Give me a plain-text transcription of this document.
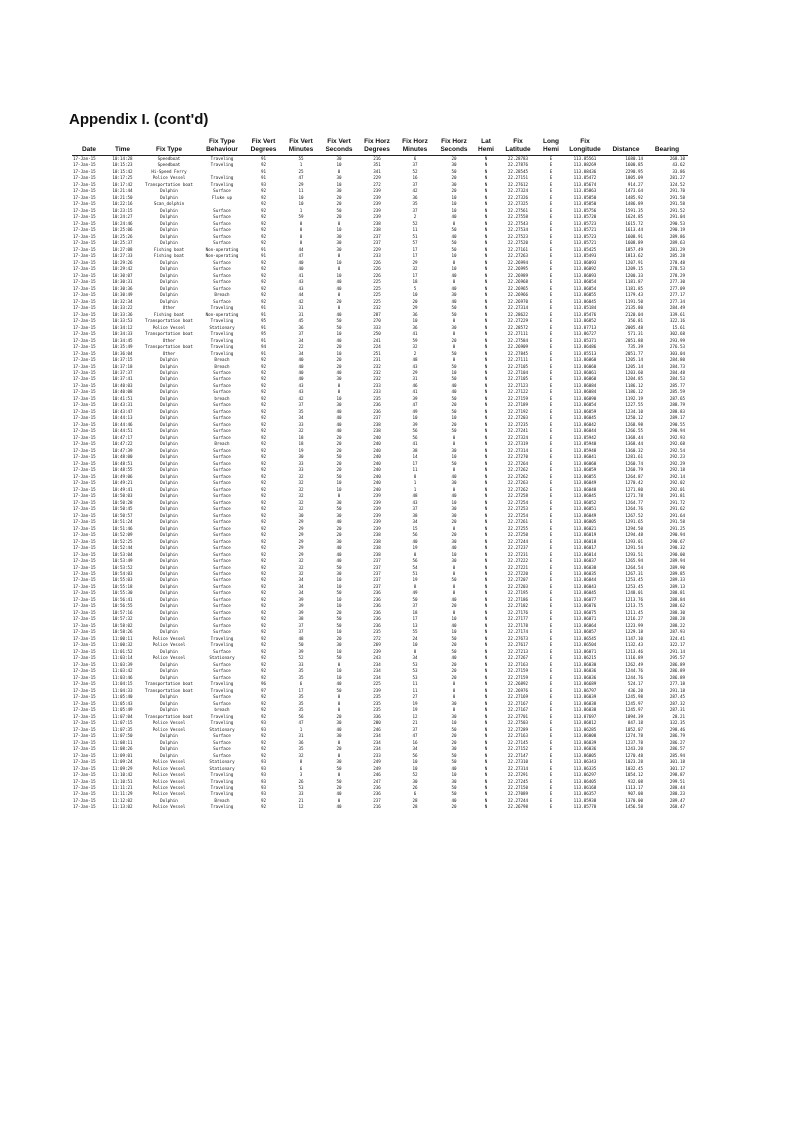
Appendix I. (cont'd)
			Fix Type	Fix Vert	Fix Vert	Fix Vert	Fix Horz	Fix Horz	Fix Horz	Lat	Fix	Long	Fix		
Date	Time	Fix Type	Behaviour	Degrees	Minutes	Seconds	Degrees	Minutes	Seconds	Hemi	Latitude	Hemi	Longitude	Distance	Bearing
17-Jan-15	10:14:28	Speedboat	Traveling	91	55	30	216	6	20	N	22.28783	E	113.85561	1680.14	268.10
17-Jan-15	10:15:23	Speedboat	Traveling	92	1	10	351	37	30	N	22.27876	E	113.88269	1600.85	43.62
17-Jan-15	10:15:42	Hi-Speed Ferry		91	25	0	341	52	50	N	22.28545	E	113.88436	2290.95	33.86
17-Jan-15	10:17:25	Police Vessel	Traveling	91	47	30	229	16	20	N	22.27151	E	113.85472	1805.09	281.27
17-Jan-15	10:17:42	Transportation boat	Traveling	93	29	10	272	37	30	N	22.27612	E	113.85674	914.27	324.52
17-Jan-15	10:21:44	Dolphin	Surface	92	11	30	239	42	20	N	22.27324	E	113.85863	1473.64	291.70
17-Jan-15	10:21:50	Dolphin	Fluke up	92	10	20	239	36	10	N	22.27326	E	113.85850	1485.92	291.58
17-Jan-15	10:22:16	Scan_dolphin		92	10	20	239	35	10	N	22.27325	E	113.85850	1486.89	291.58
17-Jan-15	10:23:15	Dolphin	Surface	92	1	50	239	37	10	N	22.27561	E	113.85756	1591.35	291.52
17-Jan-15	10:24:27	Dolphin	Surface	92	59	20	239	2	40	N	22.27558	E	113.85720	1624.85	291.04
17-Jan-15	10:24:46	Dolphin	Surface	92	0	0	238	52	0	N	22.27543	E	113.85723	1615.72	290.53
17-Jan-15	10:25:06	Dolphin	Surface	92	0	10	238	11	50	N	22.27534	E	113.85721	1613.44	290.19
17-Jan-15	10:25:26	Dolphin	Surface	92	0	30	237	51	40	N	22.27523	E	113.85723	1608.91	289.86
17-Jan-15	10:25:37	Dolphin	Surface	92	0	30	237	57	50	N	22.27520	E	113.85721	1608.89	289.63
17-Jan-15	10:27:08	Fishing boat	Non-operating	91	44	30	229	17	50	N	22.27161	E	113.85425	1857.49	281.29
17-Jan-15	10:27:33	Fishing boat	Non-operating	91	47	0	233	17	10	N	22.27263	E	113.85493	1813.62	285.28
17-Jan-15	10:29:26	Dolphin	Surface	92	40	10	226	29	0	N	22.26994	E	113.86093	1207.91	278.48
17-Jan-15	10:29:42	Dolphin	Surface	92	40	0	226	32	10	N	22.26995	E	113.86092	1209.15	278.53
17-Jan-15	10:30:07	Dolphin	Surface	92	41	10	226	17	40	N	22.26989	E	113.86093	1200.33	278.29
17-Jan-15	10:30:31	Dolphin	Surface	92	43	40	225	18	0	N	22.26968	E	113.86054	1181.87	277.30
17-Jan-15	10:30:36	Dolphin	Surface	92	43	40	225	5	40	N	22.26965	E	113.86054	1181.85	277.09
17-Jan-15	10:30:49	Dolphin	Breach	92	44	0	225	10	30	N	22.26966	E	113.86055	1179.43	277.17
17-Jan-15	10:32:34	Dolphin	Surface	92	42	20	225	20	40	N	22.26970	E	113.86045	1191.50	277.34
17-Jan-15	10:33:22	Other	Traveling	91	31	0	232	29	50	N	22.27314	E	113.85184	2135.80	284.49
17-Jan-15	10:33:36	Fishing boat	Non-operating	91	31	40	287	36	50	N	22.28622	E	113.85476	2120.04	339.61
17-Jan-15	10:33:53	Transportation boat	Traveling	95	45	50	270	10	0	N	22.27229	E	113.86852	356.81	322.16
17-Jan-15	10:34:12	Police Vessel	Stationary	91	36	50	333	36	30	N	22.28572	E	113.87713	2005.48	15.61
17-Jan-15	10:34:33	Transportation boat	Traveling	95	37	10	250	41	0	N	22.27111	E	113.86727	571.31	302.68
17-Jan-15	10:34:45	Other	Traveling	91	34	40	241	59	20	N	22.27584	E	113.85371	2051.88	293.99
17-Jan-15	10:35:49	Transportation boat	Traveling	94	22	20	224	32	0	N	22.26909	E	113.86486	735.39	276.53
17-Jan-15	10:36:04	Other	Traveling	91	34	10	251	2	50	N	22.27845	E	113.85513	2051.77	303.04
17-Jan-15	10:37:15	Dolphin	Breach	92	40	20	231	48	0	N	22.27111	E	113.86060	1205.14	284.80
17-Jan-15	10:37:18	Dolphin	Breach	92	40	20	232	43	50	N	22.27105	E	113.86060	1205.14	284.73
17-Jan-15	10:37:37	Dolphin	Surface	92	40	40	232	29	10	N	22.27104	E	113.86061	1203.60	284.48
17-Jan-15	10:37:41	Dolphin	Surface	92	40	30	232	31	50	N	22.27105	E	113.86060	1204.85	284.53
17-Jan-15	10:40:03	Dolphin	Surface	92	43	0	233	46	40	N	22.27123	E	113.86084	1186.12	285.77
17-Jan-15	10:40:08	Dolphin	Surface	92	43	0	233	41	40	N	22.27122	E	113.86084	1186.12	285.59
17-Jan-15	10:41:51	Dolphin	breach	92	42	10	235	39	50	N	22.27159	E	113.86090	1192.19	287.65
17-Jan-15	10:43:31	Dolphin	Surface	92	37	30	236	47	20	N	22.27189	E	113.86054	1227.55	288.79
17-Jan-15	10:43:47	Dolphin	Surface	92	35	40	236	49	50	N	22.27192	E	113.86059	1234.10	288.83
17-Jan-15	10:44:13	Dolphin	Surface	92	34	40	237	10	10	N	22.27203	E	113.86045	1250.12	289.17
17-Jan-15	10:44:46	Dolphin	Surface	92	33	40	238	39	20	N	22.27235	E	113.86042	1268.98	290.55
17-Jan-15	10:44:51	Dolphin	Surface	92	32	40	238	56	50	N	22.27241	E	113.86044	1266.55	290.94
17-Jan-15	10:47:17	Dolphin	Surface	92	18	20	240	56	0	N	22.27324	E	113.85942	1368.44	292.93
17-Jan-15	10:47:22	Dolphin	Breach	92	18	20	240	41	0	N	22.27319	E	113.85940	1368.44	292.68
17-Jan-15	10:47:39	Dolphin	Surface	92	19	20	240	38	30	N	22.27314	E	113.85948	1360.32	292.54
17-Jan-15	10:48:00	Dolphin	Surface	92	30	50	240	14	10	N	22.27270	E	113.86041	1281.61	292.23
17-Jan-15	10:48:51	Dolphin	Surface	92	33	20	240	17	50	N	22.27264	E	113.86060	1260.74	292.29
17-Jan-15	10:48:55	Dolphin	Surface	92	33	20	240	11	0	N	22.27262	E	113.86059	1260.79	292.18
17-Jan-15	10:49:06	Dolphin	Surface	92	32	50	240	8	40	N	22.27262	E	113.86055	1264.87	292.14
17-Jan-15	10:49:21	Dolphin	Surface	92	32	10	240	1	30	N	22.27263	E	113.86049	1270.42	292.02
17-Jan-15	10:49:41	Dolphin	Surface	92	32	10	240	1	0	N	22.27262	E	113.86048	1271.80	292.01
17-Jan-15	10:50:03	Dolphin	Surface	92	32	0	239	48	40	N	22.27258	E	113.86045	1271.78	291.81
17-Jan-15	10:50:28	Dolphin	Surface	92	32	30	239	43	10	N	22.27254	E	113.86052	1264.77	291.72
17-Jan-15	10:50:45	Dolphin	Surface	92	32	50	239	37	30	N	22.27253	E	113.86051	1264.76	291.62
17-Jan-15	10:50:57	Dolphin	Surface	92	30	30	239	38	30	N	22.27254	E	113.86049	1267.52	291.64
17-Jan-15	10:51:24	Dolphin	Surface	92	29	40	239	34	20	N	22.27261	E	113.86005	1291.65	291.58
17-Jan-15	10:51:46	Dolphin	Surface	92	29	20	239	15	0	N	22.27255	E	113.86021	1294.50	291.25
17-Jan-15	10:52:09	Dolphin	Surface	92	29	20	238	56	20	N	22.27250	E	113.86019	1294.48	290.94
17-Jan-15	10:52:25	Dolphin	Surface	92	29	30	238	40	30	N	22.27244	E	113.86018	1293.01	290.67
17-Jan-15	10:52:44	Dolphin	Surface	92	29	40	238	19	40	N	22.27237	E	113.86017	1291.54	290.32
17-Jan-15	10:53:04	Dolphin	Surface	92	29	40	238	0	10	N	22.27231	E	113.86014	1293.51	290.00
17-Jan-15	10:53:49	Dolphin	Surface	92	32	40	237	56	30	N	22.27222	E	113.86037	1265.94	289.94
17-Jan-15	10:53:52	Dolphin	Surface	92	32	50	237	54	0	N	22.27221	E	113.86038	1264.54	289.90
17-Jan-15	10:54:03	Dolphin	Surface	92	32	30	237	51	0	N	22.27220	E	113.86035	1267.31	289.85
17-Jan-15	10:55:03	Dolphin	Surface	92	34	10	237	19	50	N	22.27207	E	113.86044	1253.45	289.33
17-Jan-15	10:55:18	Dolphin	Surface	92	34	10	237	8	0	N	22.27203	E	113.86043	1253.45	289.13
17-Jan-15	10:55:30	Dolphin	Surface	92	34	50	236	49	0	N	22.27195	E	113.86045	1248.01	288.81
17-Jan-15	10:56:41	Dolphin	Surface	92	39	10	236	50	40	N	22.27186	E	113.86077	1213.76	288.84
17-Jan-15	10:56:55	Dolphin	Surface	92	39	10	236	37	20	N	22.27182	E	113.86076	1213.75	288.62
17-Jan-15	10:57:16	Dolphin	Surface	92	39	20	236	18	0	N	22.27176	E	113.86075	1211.45	288.30
17-Jan-15	10:57:32	Dolphin	Surface	92	38	50	236	17	10	N	22.27177	E	113.86071	1216.27	288.28
17-Jan-15	10:58:02	Dolphin	Surface	92	37	50	236	13	40	N	22.27178	E	113.86064	1223.99	288.22
17-Jan-15	10:58:26	Dolphin	Surface	92	37	10	235	55	10	N	22.27174	E	113.86057	1229.18	287.93
17-Jan-15	11:00:11	Police Vessel	Traveling	92	48	20	272	24	50	N	22.27673	E	113.86545	1147.10	324.41
17-Jan-15	11:00:32	Police Vessel	Traveling	92	50	30	269	10	20	N	22.27617	E	113.86504	1132.43	322.17
17-Jan-15	11:01:52	Dolphin	Surface	92	39	10	239	8	50	N	22.27213	E	113.86071	1213.46	291.14
17-Jan-15	11:03:14	Police Vessel	Stationary	92	52	50	243	34	40	N	22.27267	E	113.86215	1116.89	295.57
17-Jan-15	11:03:39	Dolphin	Surface	92	33	0	234	53	20	N	22.27163	E	113.86030	1262.49	286.89
17-Jan-15	11:03:42	Dolphin	Surface	92	35	10	234	53	20	N	22.27159	E	113.86036	1244.76	286.89
17-Jan-15	11:03:46	Dolphin	Surface	92	35	10	234	53	20	N	22.27159	E	113.86036	1244.76	286.89
17-Jan-15	11:04:15	Transportation boat	Traveling	96	6	40	225	11	0	N	22.26892	E	113.86689	524.17	277.18
17-Jan-15	11:04:33	Transportation boat	Traveling	97	17	50	239	11	0	N	22.26976	E	113.86797	436.20	291.18
17-Jan-15	11:05:40	Dolphin	Surface	92	35	0	235	27	0	N	22.27169	E	113.86039	1245.98	287.45
17-Jan-15	11:05:43	Dolphin	Surface	92	35	0	235	19	30	N	22.27167	E	113.86038	1245.97	287.32
17-Jan-15	11:05:49	Dolphin	breach	92	35	0	235	19	0	N	22.27167	E	113.86038	1245.97	287.31
17-Jan-15	11:07:04	Transportation boat	Traveling	92	56	20	336	12	30	N	22.27701	E	113.87697	1094.39	28.21
17-Jan-15	11:07:15	Police Vessel	Traveling	93	47	30	280	21	10	N	22.27503	E	113.86812	847.18	332.35
17-Jan-15	11:07:35	Police Vessel	Stationary	93	1	40	246	37	50	N	22.27289	E	113.86285	1052.07	298.46
17-Jan-15	11:07:50	Dolphin	Surface	92	31	30	234	47	20	N	22.27163	E	113.86008	1274.78	286.79
17-Jan-15	11:08:11	Dolphin	Surface	92	36	0	234	16	20	N	22.27145	E	113.86039	1237.78	286.27
17-Jan-15	11:08:26	Dolphin	Surface	92	35	20	234	34	30	N	22.27152	E	113.86036	1243.20	286.57
17-Jan-15	11:09:01	Dolphin	Surface	92	32	0	233	56	50	N	22.27147	E	113.86005	1270.48	285.94
17-Jan-15	11:09:24	Police Vessel	Stationary	93	8	30	249	10	50	N	22.27310	E	113.86343	1023.28	301.18
17-Jan-15	11:09:29	Police Vessel	Stationary	93	6	50	249	10	40	N	22.27314	E	113.86335	1032.45	301.17
17-Jan-15	11:10:42	Police Vessel	Traveling	93	3	0	246	52	10	N	22.27291	E	113.86297	1054.12	298.87
17-Jan-15	11:10:51	Police Vessel	Traveling	93	26	50	247	30	30	N	22.27245	E	113.86405	932.08	299.51
17-Jan-15	11:11:21	Police Vessel	Traveling	93	53	20	236	26	50	N	22.27150	E	113.86168	1113.17	288.44
17-Jan-15	11:11:29	Police Vessel	Traveling	93	33	40	236	6	50	N	22.27089	E	113.86357	907.08	288.23
17-Jan-15	11:12:02	Dolphin	Breach	92	21	0	237	28	40	N	22.27244	E	113.85938	1370.00	289.47
17-Jan-15	11:13:02	Police Vessel	Traveling	92	12	40	216	28	20	N	22.26798	E	113.85778	1456.58	268.47
